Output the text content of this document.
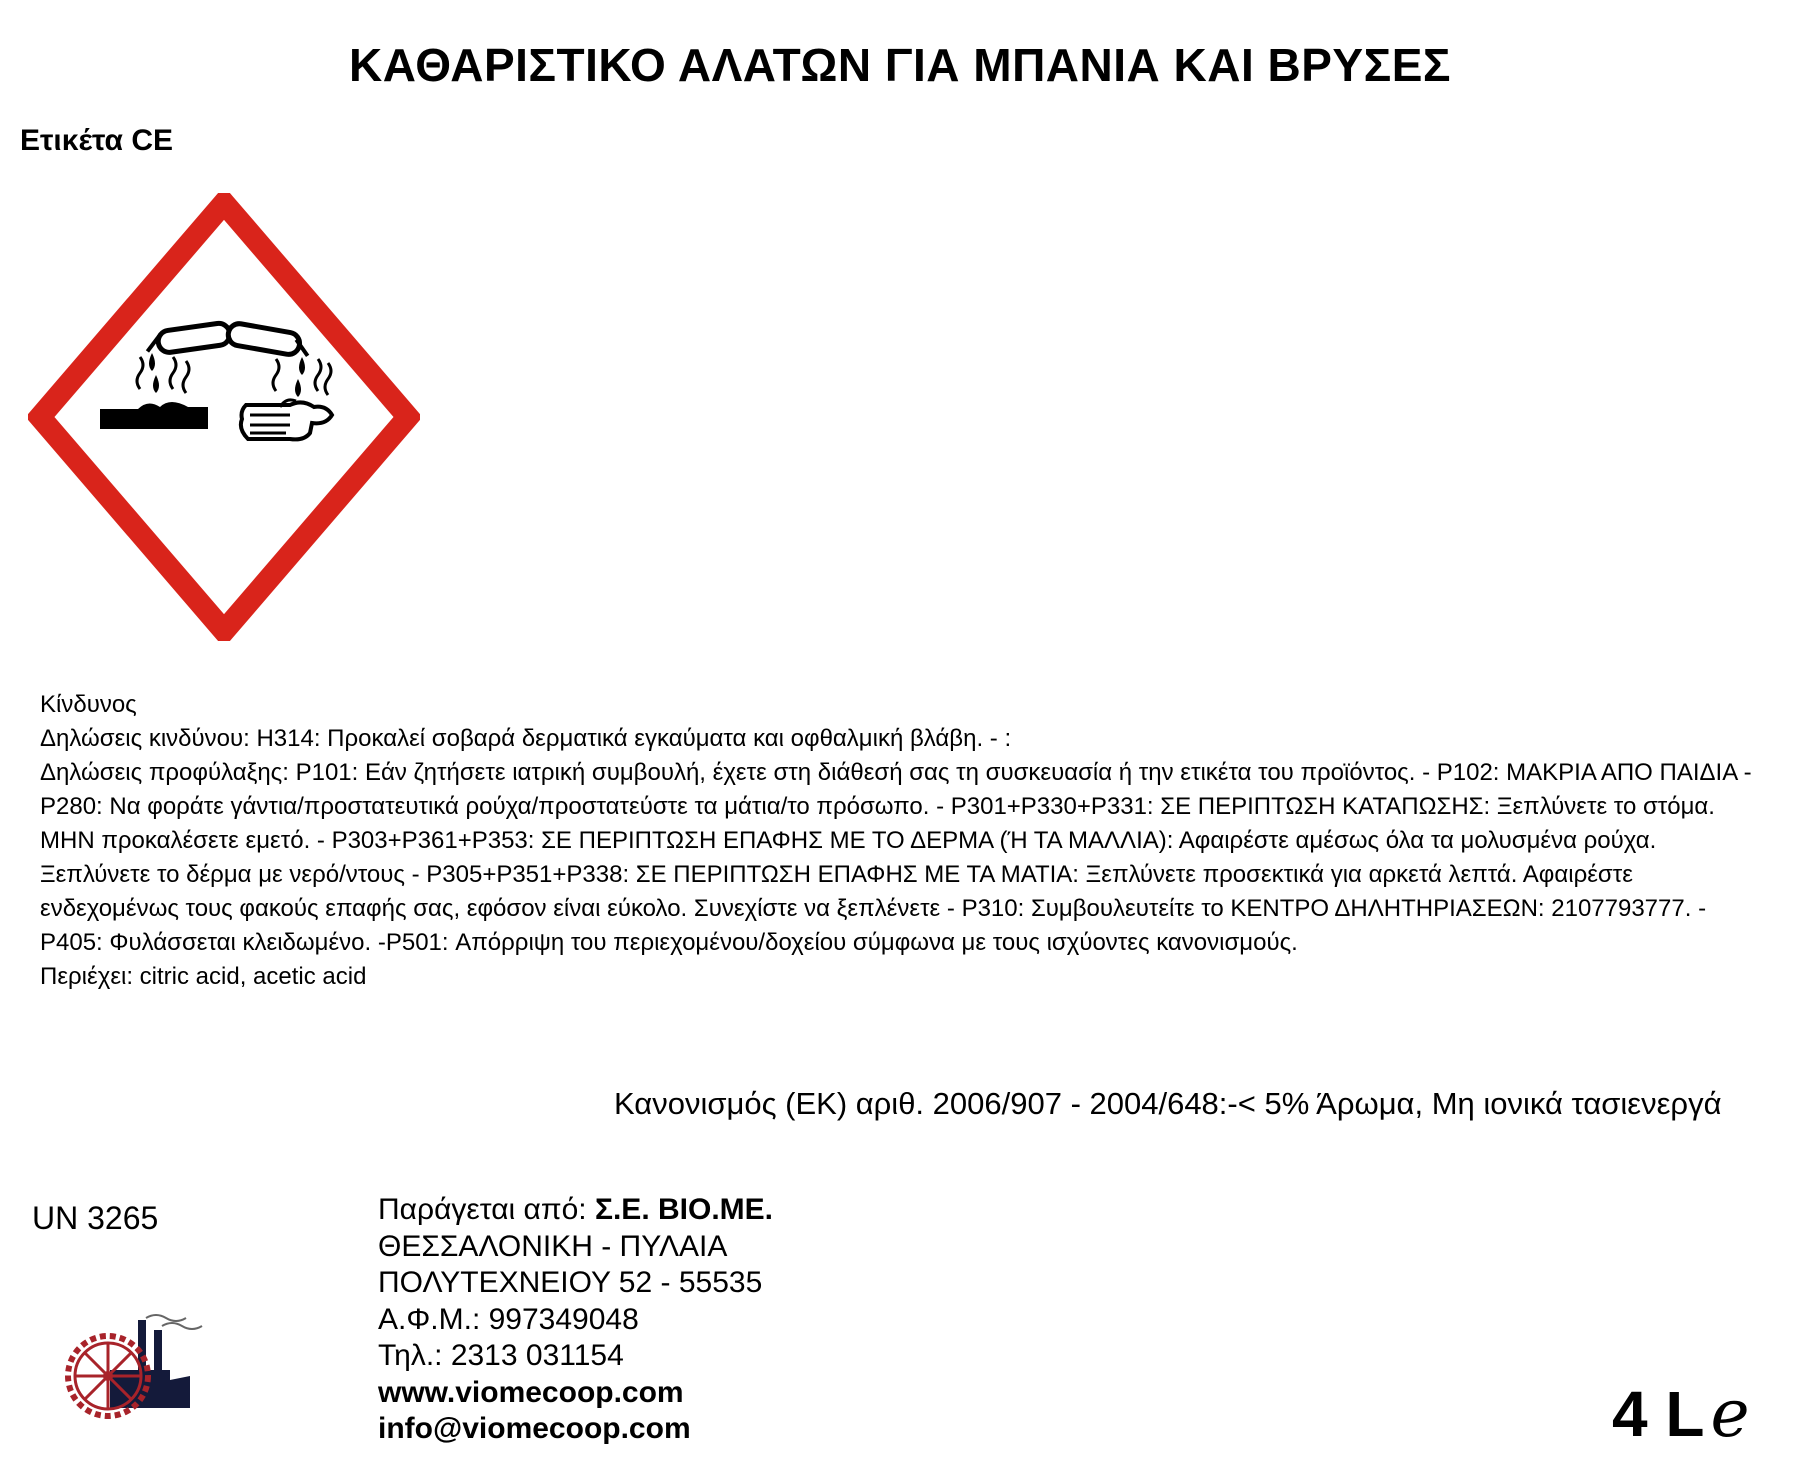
ΚΑΘΑΡΙΣΤΙΚΟ ΑΛΑΤΩΝ ΓΙΑ ΜΠΑΝΙΑ ΚΑΙ ΒΡΥΣΕΣ
Ετικέτα CE

Κίνδυνος

Δηλώσεις κινδύνου: H314: Προκαλεί σοβαρά δερματικά εγκαύματα και οφθαλμική βλάβη. - :

Δηλώσεις προφύλαξης: P101: Εάν ζητήσετε ιατρική συμβουλή, έχετε στη διάθεσή σας τη συσκευασία ή την ετικέτα του προϊόντος. - P102: ΜΑΚΡΙΑ ΑΠΟ ΠΑΙΔΙΑ - P280: Να φοράτε γάντια/προστατευτικά ρούχα/προστατεύστε τα μάτια/το πρόσωπο. - P301+P330+P331: ΣΕ ΠΕΡΙΠΤΩΣΗ ΚΑΤΑΠΩΣΗΣ: Ξεπλύνετε το στόμα. ΜΗΝ προκαλέσετε εμετό. - P303+P361+P353: ΣΕ ΠΕΡΙΠΤΩΣΗ ΕΠΑΦΗΣ ΜΕ ΤΟ ΔΕΡΜΑ (Ή ΤΑ ΜΑΛΛΙΑ): Αφαιρέστε αμέσως όλα τα μολυσμένα ρούχα. Ξεπλύνετε το δέρμα με νερό/ντους - P305+P351+P338: ΣΕ ΠΕΡΙΠΤΩΣΗ ΕΠΑΦΗΣ ΜΕ ΤΑ ΜΑΤΙΑ: Ξεπλύνετε προσεκτικά για αρκετά λεπτά. Αφαιρέστε ενδεχομένως τους φακούς επαφής σας, εφόσον είναι εύκολο. Συνεχίστε να ξεπλένετε - P310: Συμβουλευτείτε το ΚΕΝΤΡΟ ΔΗΛΗΤΗΡΙΑΣΕΩΝ: 2107793777. - P405: Φυλάσσεται κλειδωμένο. -P501: Απόρριψη του περιεχομένου/δοχείου σύμφωνα με τους ισχύοντες κανονισμούς.

Περιέχει: citric acid, acetic acid

Κανονισμός (ΕΚ) αριθ. 2006/907 - 2004/648:-< 5% Άρωμα, Μη ιονικά τασιενεργά
UN 3265	Παράγεται από: Σ.Ε. ΒΙΟ.ΜΕ.
ΘΕΣΣΑΛΟΝΙΚΗ - ΠΥΛΑΙΑ
ΠΟΛΥΤΕΧΝΕΙΟΥ 52 - 55535
Α.Φ.Μ.: 997349048
Τηλ.: 2313 031154
www.viomecoop.com
info@viomecoop.com	4 L ℯ
